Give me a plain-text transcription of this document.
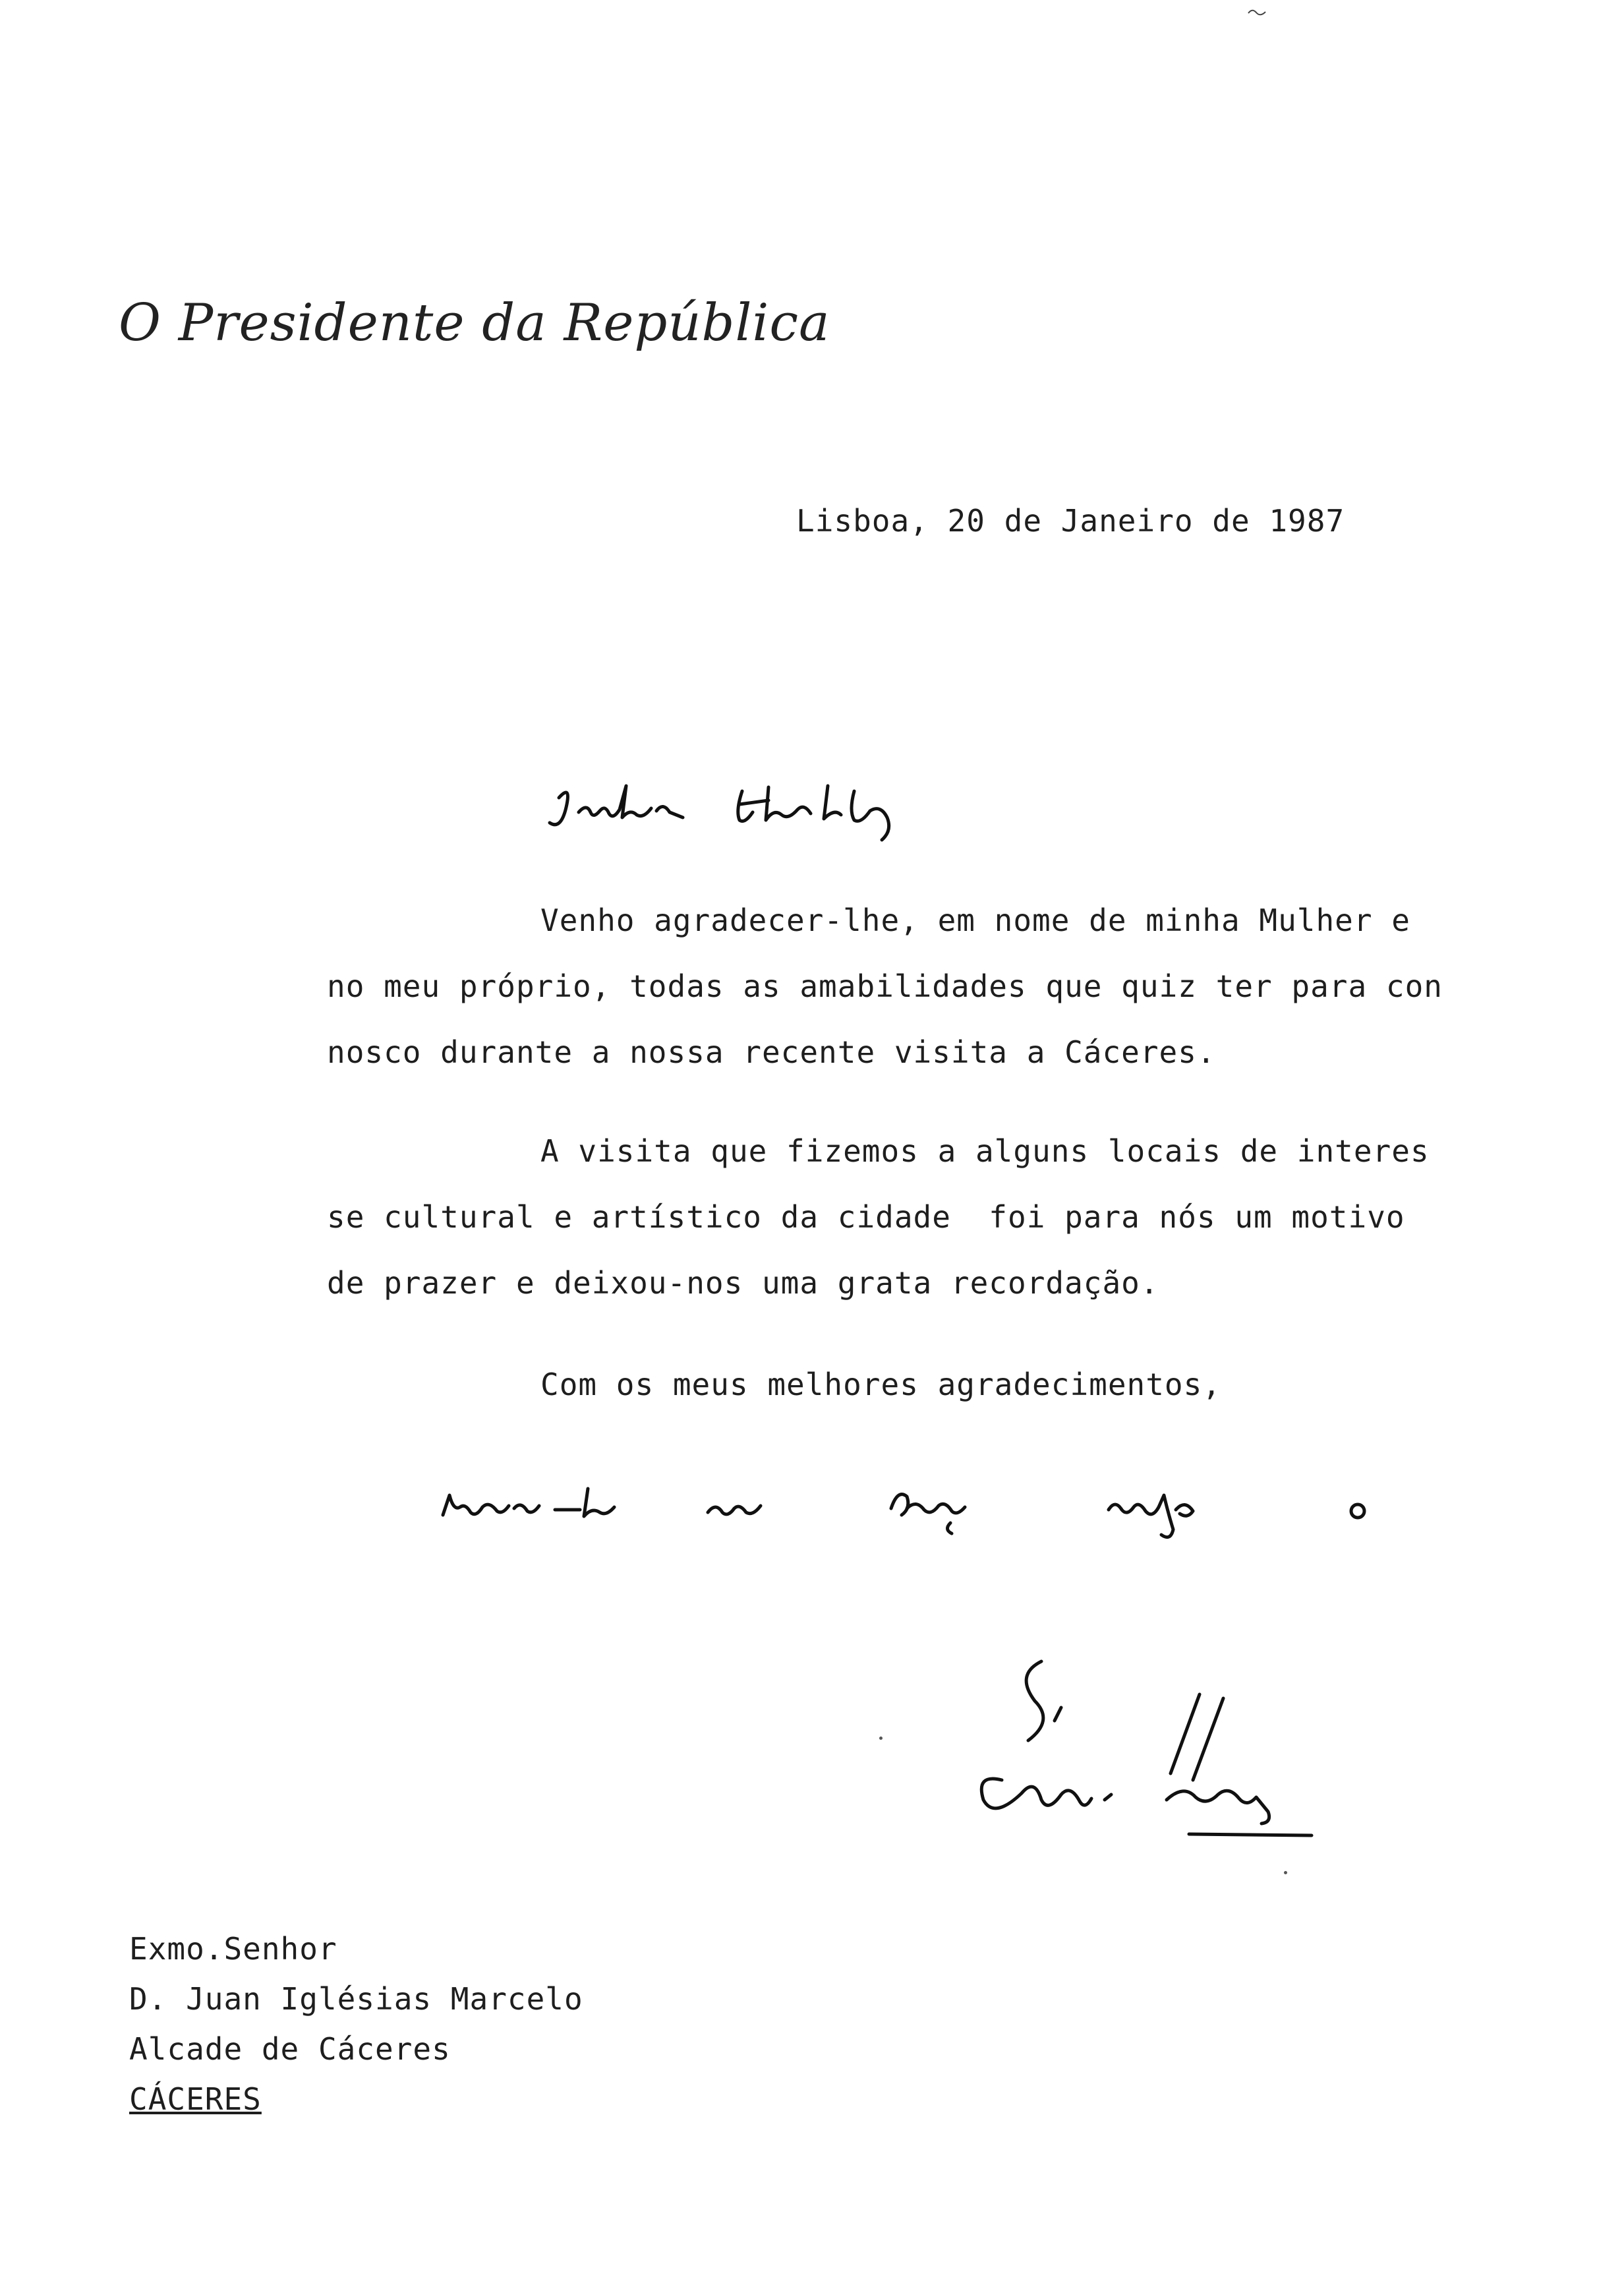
O Presidente da República
Lisboa, 20 de Janeiro de 1987
Venho agradecer-lhe, em nome de minha Mulher e
no meu próprio, todas as amabilidades que quiz ter para con
nosco durante a nossa recente visita a Cáceres.
A visita que fizemos a alguns locais de interes
se cultural e artístico da cidade  foi para nós um motivo
de prazer e deixou-nos uma grata recordação.
Com os meus melhores agradecimentos,
Exmo.Senhor
D. Juan Iglésias Marcelo
Alcade de Cáceres
CÁCERES
